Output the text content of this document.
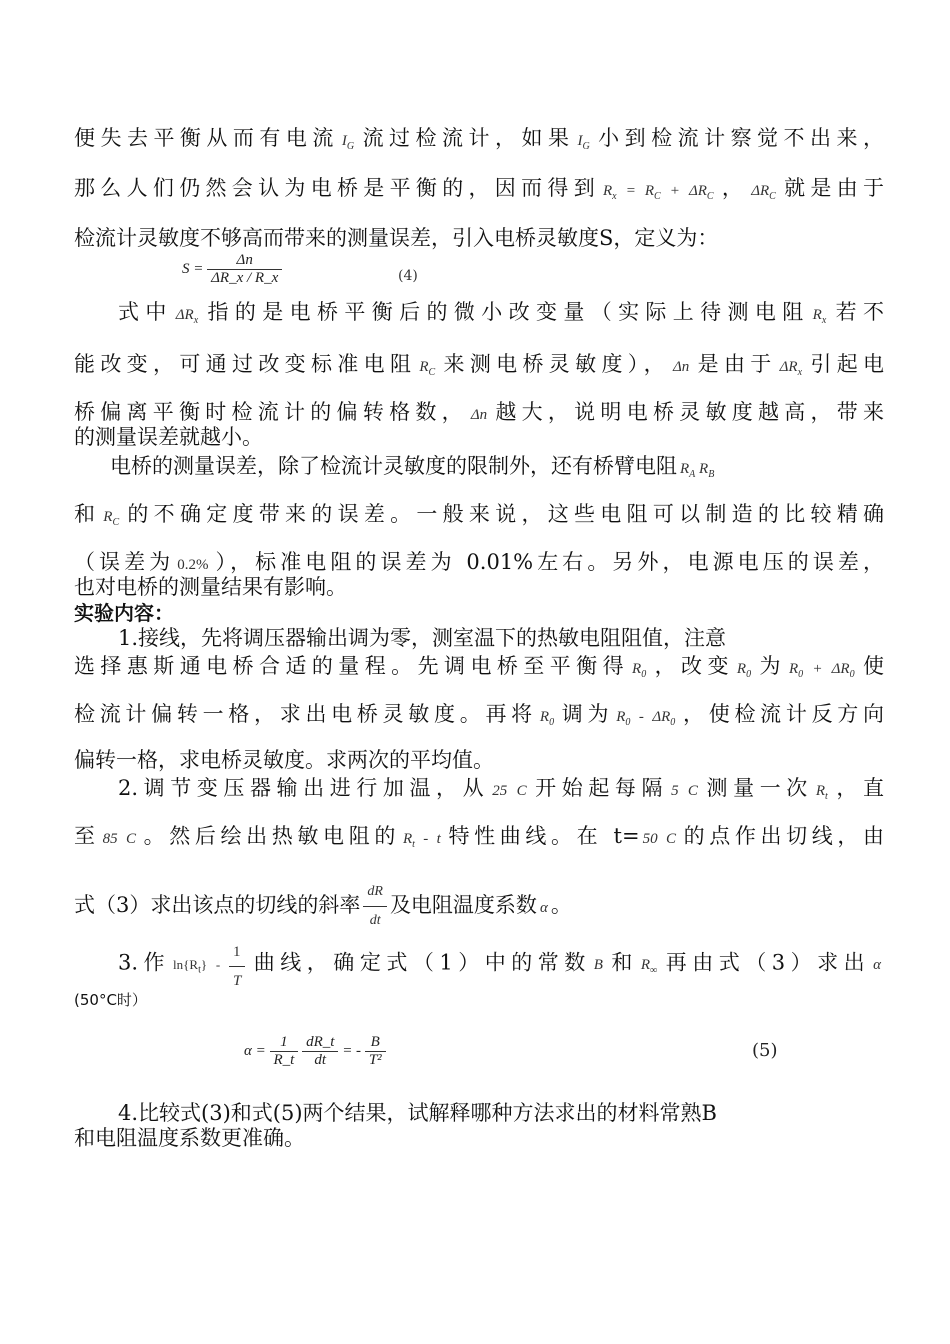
便失去平衡从而有电流 $I_G$ 流过检流计，如果 $I_G$ 小到检流计察觉不出来，
那么人们仍然会认为电桥是平衡的，因而得到 $R_x = R_C + \Delta R_C$ ， $\Delta R_C$ 就是由于
检流计灵敏度不够高而带来的测量误差，引入电桥灵敏度S，定义为：
$S = \frac{\Delta n}{\Delta R\_x / R\_x}$	(4)
式中 $\Delta R_x$ 指的是电桥平衡后的微小改变量（实际上待测电阻 $R_x$ 若不
能改变，可通过改变标准电阻 $R_C$ 来测电桥灵敏度）， Δn 是由于 $\Delta R_x$ 引起电
桥偏离平衡时检流计的偏转格数， Δn 越大，说明电桥灵敏度越高，带来
的测量误差就越小。
电桥的测量误差，除了检流计灵敏度的限制外，还有桥臂电阻 $R_A$ $R_B$
和 $R_C$ 的不确定度带来的误差。一般来说，这些电阻可以制造的比较精确
（误差为 0.2% ），标准电阻的误差为 0.01%左右。另外，电源电压的误差，
也对电桥的测量结果有影响。
实验内容：
1.接线，先将调压器输出调为零，测室温下的热敏电阻阻值，注意
选择惠斯通电桥合适的量程。先调电桥至平衡得 $R_0$ ，改变 $R_0$ 为 $R_0 + \Delta R_0$ 使
检流计偏转一格，求出电桥灵敏度。再将 $R_0$ 调为 $R_0 - \Delta R_0$ ，使检流计反方向
偏转一格，求电桥灵敏度。求两次的平均值。
2.调节变压器输出进行加温，从 25 C 开始起每隔 5 C 测量一次 $R_t$ ，直
至 85 C 。然后绘出热敏电阻的 $R_t$ - t 特性曲线。在 t= 50 C 的点作出切线，由
式（3）求出该点的切线的斜率 $\frac{dR}{dt}$ 及电阻温度系数 α 。
3.作 $\ln\{R_t\} - \frac{1}{T}$ 曲线，确定式（1）中的常数 B 和 $R_\infty$ 再由式（3）求出 α
(50°C时）
$\alpha = \frac{1}{R\_t}$
$\frac{dR\_t}{dt}$ = - $\frac{B}{\text{T²}}$	(5)
4.比较式(3)和式(5)两个结果，试解释哪种方法求出的材料常熟B
和电阻温度系数更准确。
